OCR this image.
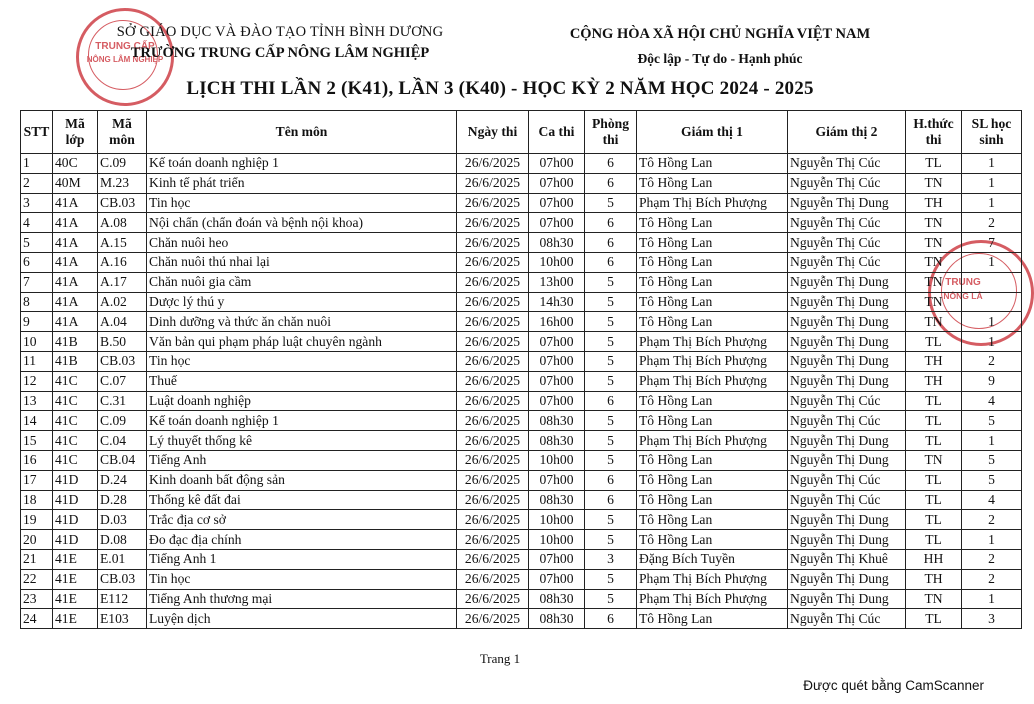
TRUNG CẤP
NÔNG LÂM NGHIỆP
TRUNG
NÔNG LÂ
SỞ GIÁO DỤC VÀ ĐÀO TẠO TỈNH BÌNH DƯƠNG
TRƯỜNG TRUNG CẤP NÔNG LÂM NGHIỆP
CỘNG HÒA XÃ HỘI CHỦ NGHĨA VIỆT NAM
Độc lập - Tự do - Hạnh phúc
LỊCH THI LẦN 2 (K41), LẦN 3 (K40) - HỌC KỲ 2 NĂM HỌC 2024 - 2025
STT	Mã lớp	Mã môn	Tên môn	Ngày thi	Ca thi	Phòng thi	Giám thị 1	Giám thị 2	H.thức thi	SL học sinh
1	40C	C.09	Kế toán doanh nghiệp 1	26/6/2025	07h00	6	Tô Hồng Lan	Nguyễn Thị Cúc	TL	1
2	40M	M.23	Kinh tế phát triển	26/6/2025	07h00	6	Tô Hồng Lan	Nguyễn Thị Cúc	TN	1
3	41A	CB.03	Tin học	26/6/2025	07h00	5	Phạm Thị Bích Phượng	Nguyễn Thị Dung	TH	1
4	41A	A.08	Nội chẩn (chẩn đoán và bệnh nội khoa)	26/6/2025	07h00	6	Tô Hồng Lan	Nguyễn Thị Cúc	TN	2
5	41A	A.15	Chăn nuôi heo	26/6/2025	08h30	6	Tô Hồng Lan	Nguyễn Thị Cúc	TN	7
6	41A	A.16	Chăn nuôi thú nhai lại	26/6/2025	10h00	6	Tô Hồng Lan	Nguyễn Thị Cúc	TN	1
7	41A	A.17	Chăn nuôi gia cầm	26/6/2025	13h00	5	Tô Hồng Lan	Nguyễn Thị Dung	TN	
8	41A	A.02	Dược lý thú y	26/6/2025	14h30	5	Tô Hồng Lan	Nguyễn Thị Dung	TN	
9	41A	A.04	Dinh dưỡng và thức ăn chăn nuôi	26/6/2025	16h00	5	Tô Hồng Lan	Nguyễn Thị Dung	TN	1
10	41B	B.50	Văn bản qui phạm pháp luật chuyên ngành	26/6/2025	07h00	5	Phạm Thị Bích Phượng	Nguyễn Thị Dung	TL	1
11	41B	CB.03	Tin học	26/6/2025	07h00	5	Phạm Thị Bích Phượng	Nguyễn Thị Dung	TH	2
12	41C	C.07	Thuế	26/6/2025	07h00	5	Phạm Thị Bích Phượng	Nguyễn Thị Dung	TH	9
13	41C	C.31	Luật doanh nghiệp	26/6/2025	07h00	6	Tô Hồng Lan	Nguyễn Thị Cúc	TL	4
14	41C	C.09	Kế toán doanh nghiệp 1	26/6/2025	08h30	5	Tô Hồng Lan	Nguyễn Thị Cúc	TL	5
15	41C	C.04	Lý thuyết thống kê	26/6/2025	08h30	5	Phạm Thị Bích Phượng	Nguyễn Thị Dung	TL	1
16	41C	CB.04	Tiếng Anh	26/6/2025	10h00	5	Tô Hồng Lan	Nguyễn Thị Dung	TN	5
17	41D	D.24	Kinh doanh bất động sản	26/6/2025	07h00	6	Tô Hồng Lan	Nguyễn Thị Cúc	TL	5
18	41D	D.28	Thống kê đất đai	26/6/2025	08h30	6	Tô Hồng Lan	Nguyễn Thị Cúc	TL	4
19	41D	D.03	Trắc địa cơ sở	26/6/2025	10h00	5	Tô Hồng Lan	Nguyễn Thị Dung	TL	2
20	41D	D.08	Đo đạc địa chính	26/6/2025	10h00	5	Tô Hồng Lan	Nguyễn Thị Dung	TL	1
21	41E	E.01	Tiếng Anh 1	26/6/2025	07h00	3	Đặng Bích Tuyền	Nguyễn Thị Khuê	HH	2
22	41E	CB.03	Tin học	26/6/2025	07h00	5	Phạm Thị Bích Phượng	Nguyễn Thị Dung	TH	2
23	41E	E112	Tiếng Anh thương mại	26/6/2025	08h30	5	Phạm Thị Bích Phượng	Nguyễn Thị Dung	TN	1
24	41E	E103	Luyện dịch	26/6/2025	08h30	6	Tô Hồng Lan	Nguyễn Thị Cúc	TL	3
Trang 1
Được quét bằng CamScanner
